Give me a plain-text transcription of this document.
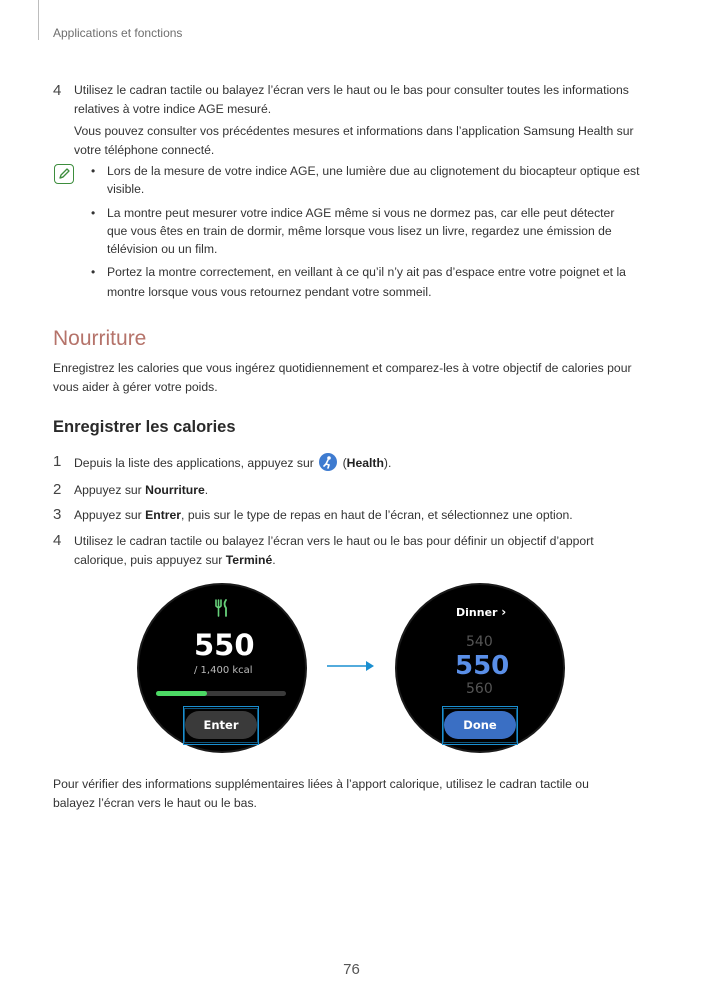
Applications et fonctions
4 Utilisez le cadran tactile ou balayez l’écran vers le haut ou le bas pour consulter toutes les informations
relatives à votre indice AGE mesuré.
Vous pouvez consulter vos précédentes mesures et informations dans l’application Samsung Health sur
votre téléphone connecté.
• Lors de la mesure de votre indice AGE, une lumière due au clignotement du biocapteur optique est
visible.
• La montre peut mesurer votre indice AGE même si vous ne dormez pas, car elle peut détecter
que vous êtes en train de dormir, même lorsque vous lisez un livre, regardez une émission de
télévision ou un film.
• Portez la montre correctement, en veillant à ce qu’il n’y ait pas d’espace entre votre poignet et la
montre lorsque vous vous retournez pendant votre sommeil.
Nourriture
Enregistrez les calories que vous ingérez quotidiennement et comparez-les à votre objectif de calories pour
vous aider à gérer votre poids.
Enregistrer les calories
1 Depuis la liste des applications, appuyez sur
(Health).
2 Appuyez sur Nourriture.
3 Appuyez sur Entrer, puis sur le type de repas en haut de l’écran, et sélectionnez une option.
4 Utilisez le cadran tactile ou balayez l’écran vers le haut ou le bas pour définir un objectif d’apport
calorique, puis appuyez sur Terminé.
550
/ 1,400 kcal
Enter
Dinner ›
540
550
560
Done
Pour vérifier des informations supplémentaires liées à l’apport calorique, utilisez le cadran tactile ou
balayez l’écran vers le haut ou le bas.
76
